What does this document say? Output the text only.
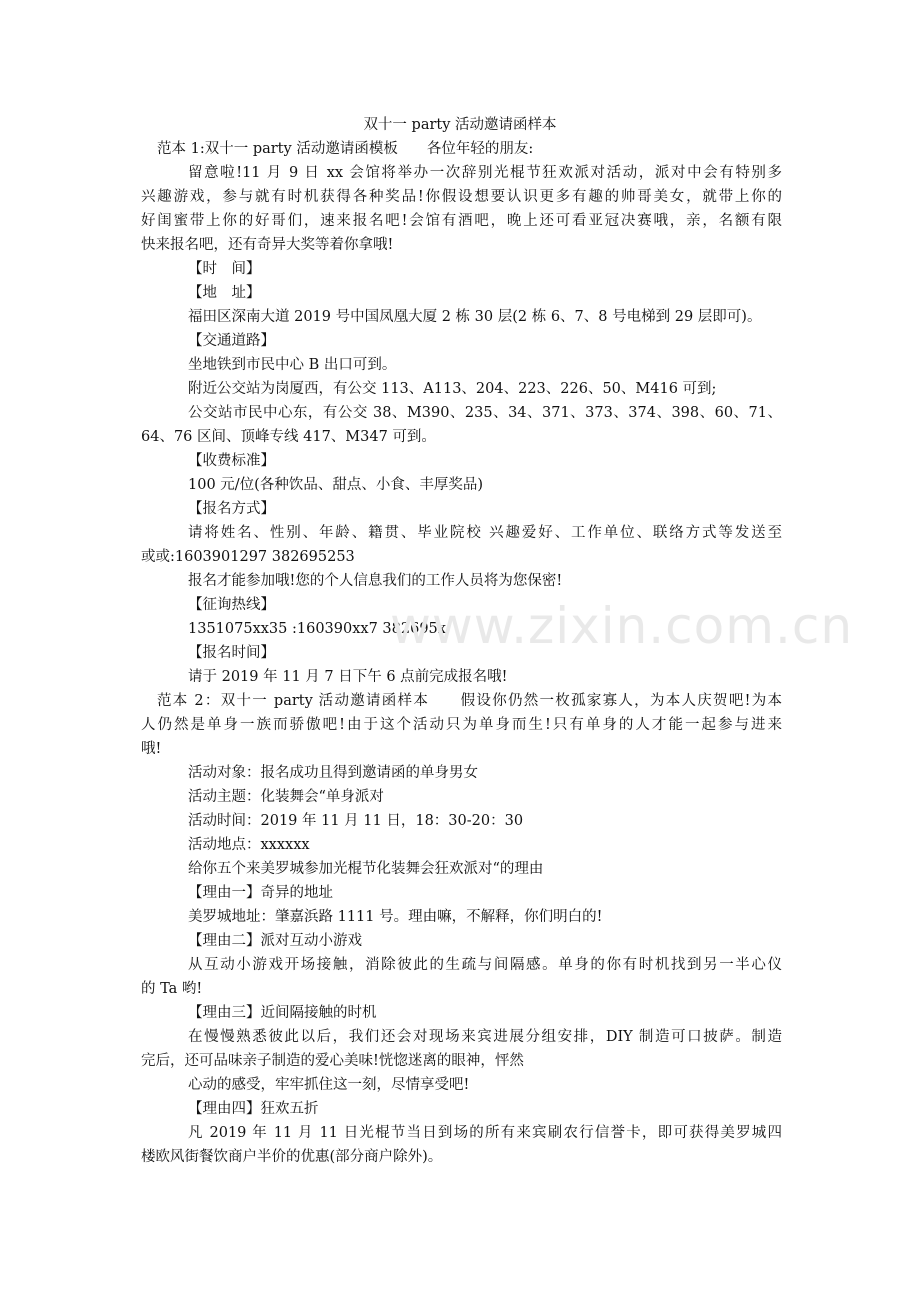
双十一 party 活动邀请函样本
范本 1:双十一 party 活动邀请函模板　　各位年轻的朋友:
留意啦!11 月 9 日 xx 会馆将举办一次辞别光棍节狂欢派对活动，派对中会有特别多
兴趣游戏，参与就有时机获得各种奖品!你假设想要认识更多有趣的帅哥美女，就带上你的
好闺蜜带上你的好哥们，速来报名吧!会馆有酒吧，晚上还可看亚冠决赛哦，亲，名额有限
快来报名吧，还有奇异大奖等着你拿哦!
【时　间】
【地　址】
福田区深南大道 2019 号中国凤凰大厦 2 栋 30 层(2 栋 6、7、8 号电梯到 29 层即可)。
【交通道路】
坐地铁到市民中心 B 出口可到。
附近公交站为岗厦西，有公交 113、A113、204、223、226、50、M416 可到;
公交站市民中心东，有公交 38、M390、235、34、371、373、374、398、60、71、
64、76 区间、顶峰专线 417、M347 可到。
【收费标准】
100 元/位(各种饮品、甜点、小食、丰厚奖品)
【报名方式】
请将姓名、性别、年龄、籍贯、毕业院校 兴趣爱好、工作单位、联络方式等发送至
或或:1603901297 382695253
报名才能参加哦!您的个人信息我们的工作人员将为您保密!
【征询热线】
1351075xx35 :160390xx7 382695x
【报名时间】
请于 2019 年 11 月 7 日下午 6 点前完成报名哦!
范本 2：双十一 party 活动邀请函样本　　假设你仍然一枚孤家寡人，为本人庆贺吧!为本
人仍然是单身一族而骄傲吧!由于这个活动只为单身而生!只有单身的人才能一起参与进来
哦!
活动对象：报名成功且得到邀请函的单身男女
活动主题：化装舞会“单身派对
活动时间：2019 年 11 月 11 日，18：30-20：30
活动地点：xxxxxx
给你五个来美罗城参加光棍节化装舞会狂欢派对“的理由
【理由一】奇异的地址
美罗城地址：肇嘉浜路 1111 号。理由嘛，不解释，你们明白的!
【理由二】派对互动小游戏
从互动小游戏开场接触，消除彼此的生疏与间隔感。单身的你有时机找到另一半心仪
的 Ta 哟!
【理由三】近间隔接触的时机
在慢慢熟悉彼此以后，我们还会对现场来宾进展分组安排，DIY 制造可口披萨。制造
完后，还可品味亲子制造的爱心美味!恍惚迷离的眼神，怦然
心动的感受，牢牢抓住这一刻，尽情享受吧!
【理由四】狂欢五折
凡 2019 年 11 月 11 日光棍节当日到场的所有来宾刷农行信誉卡，即可获得美罗城四
楼欧风街餐饮商户半价的优惠(部分商户除外)。
www.zixin.com.cn
